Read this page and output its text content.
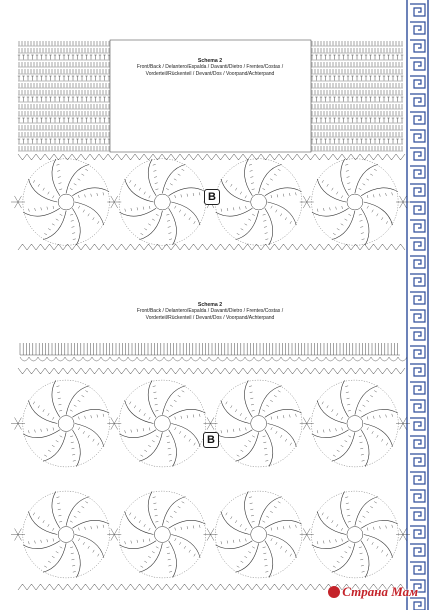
Schema 2
Front/Back / Delantero/Espalda / Davanti/Dietro / Frentes/Costas /
Vorderteil/Rückenteil / Devant/Dos / Voorpand/Achterpand
Schema 2
Front/Back / Delantero/Espalda / Davanti/Dietro / Frentes/Costas /
Vorderteil/Rückenteil / Devant/Dos / Voorpand/Achterpand
B
B
Страна Мам
